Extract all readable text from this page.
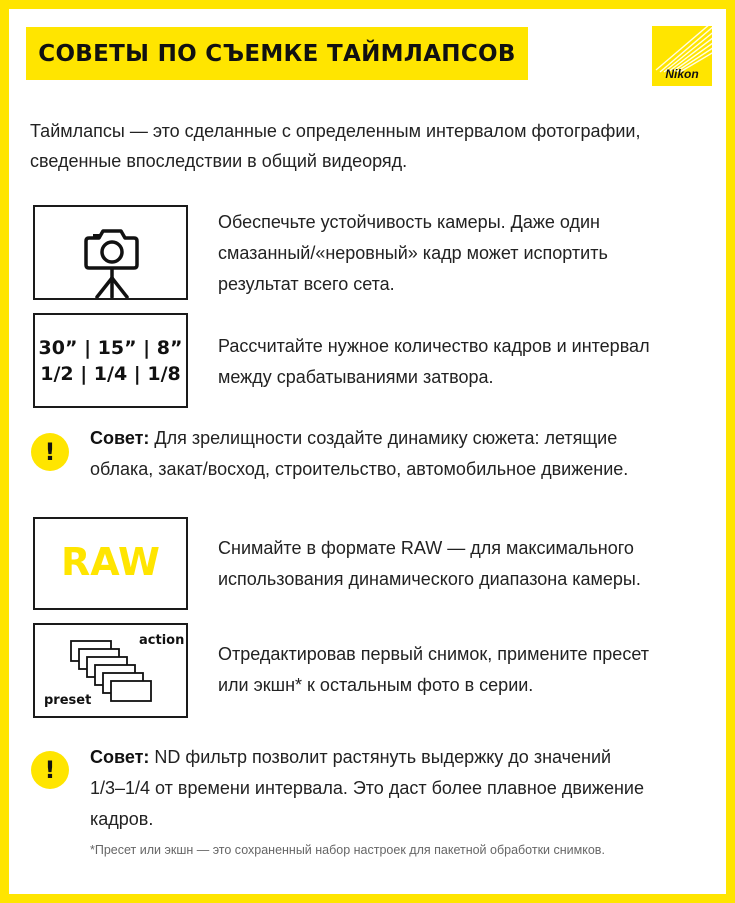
СОВЕТЫ ПО СЪЕМКЕ ТАЙМЛАПСОВ
Nikon
Таймлапсы — это сделанные с определенным интервалом фотографии,
сведенные впоследствии в общий видеоряд.
Обеспечьте устойчивость камеры. Даже один
смазанный/«неровный» кадр может испортить
результат всего сета.
30” | 15” | 8”
1/2 | 1/4 | 1/8
Рассчитайте нужное количество кадров и интервал
между срабатываниями затвора.
! Совет: Для зрелищности создайте динамику сюжета: летящие
облака, закат/восход, строительство, автомобильное движение.
RAW	Снимайте в формате RAW — для максимального
использования динамического диапазона камеры.
action
preset
Отредактировав первый снимок, примените пресет
или экшн* к остальным фото в серии.
! Совет: ND фильтр позволит растянуть выдержку до значений
1/3–1/4 от времени интервала. Это даст более плавное движение
кадров.
*Пресет или экшн — это сохраненный набор настроек для пакетной обработки снимков.
